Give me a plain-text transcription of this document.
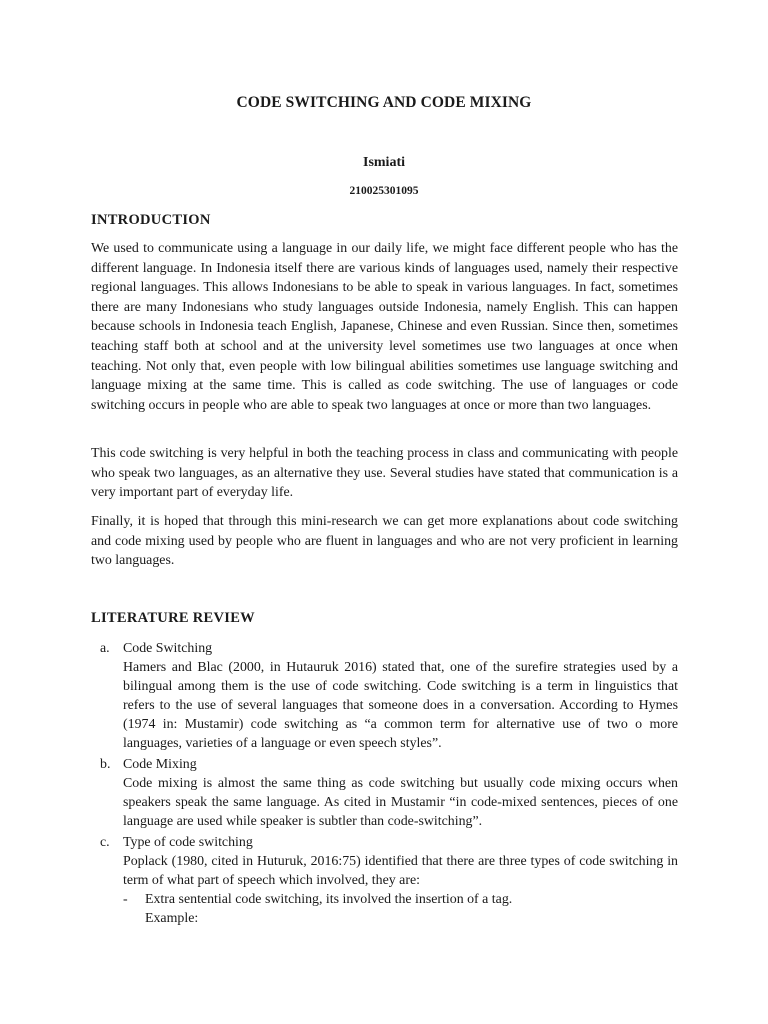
CODE SWITCHING AND CODE MIXING
Ismiati
210025301095
INTRODUCTION

We used to communicate using a language in our daily life, we might face different people who has the different language. In Indonesia itself there are various kinds of languages used, namely their respective regional languages. This allows Indonesians to be able to speak in various languages. In fact, sometimes there are many Indonesians who study languages outside Indonesia, namely English. This can happen because schools in Indonesia teach English, Japanese, Chinese and even Russian. Since then, sometimes teaching staff both at school and at the university level sometimes use two languages at once when teaching. Not only that, even people with low bilingual abilities sometimes use language switching and language mixing at the same time. This is called as code switching. The use of languages or code switching occurs in people who are able to speak two languages at once or more than two languages.

This code switching is very helpful in both the teaching process in class and communicating with people who speak two languages, as an alternative they use. Several studies have stated that communication is a very important part of everyday life.

Finally, it is hoped that through this mini-research we can get more explanations about code switching and code mixing used by people who are fluent in languages and who are not very proficient in learning two languages.

LITERATURE REVIEW
a. Code Switching

Hamers and Blac (2000, in Hutauruk 2016) stated that, one of the surefire strategies used by a bilingual among them is the use of code switching. Code switching is a term in linguistics that refers to the use of several languages that someone does in a conversation. According to Hymes (1974 in: Mustamir) code switching as “a common term for alternative use of two o more languages, varieties of a language or even speech styles”.

b. Code Mixing

Code mixing is almost the same thing as code switching but usually code mixing occurs when speakers speak the same language. As cited in Mustamir “in code-mixed sentences, pieces of one language are used while speaker is subtler than code-switching”.

c. Type of code switching

Poplack (1980, cited in Huturuk, 2016:75) identified that there are three types of code switching in term of what part of speech which involved, they are:

- Extra sentential code switching, its involved the insertion of a tag.
Example:
